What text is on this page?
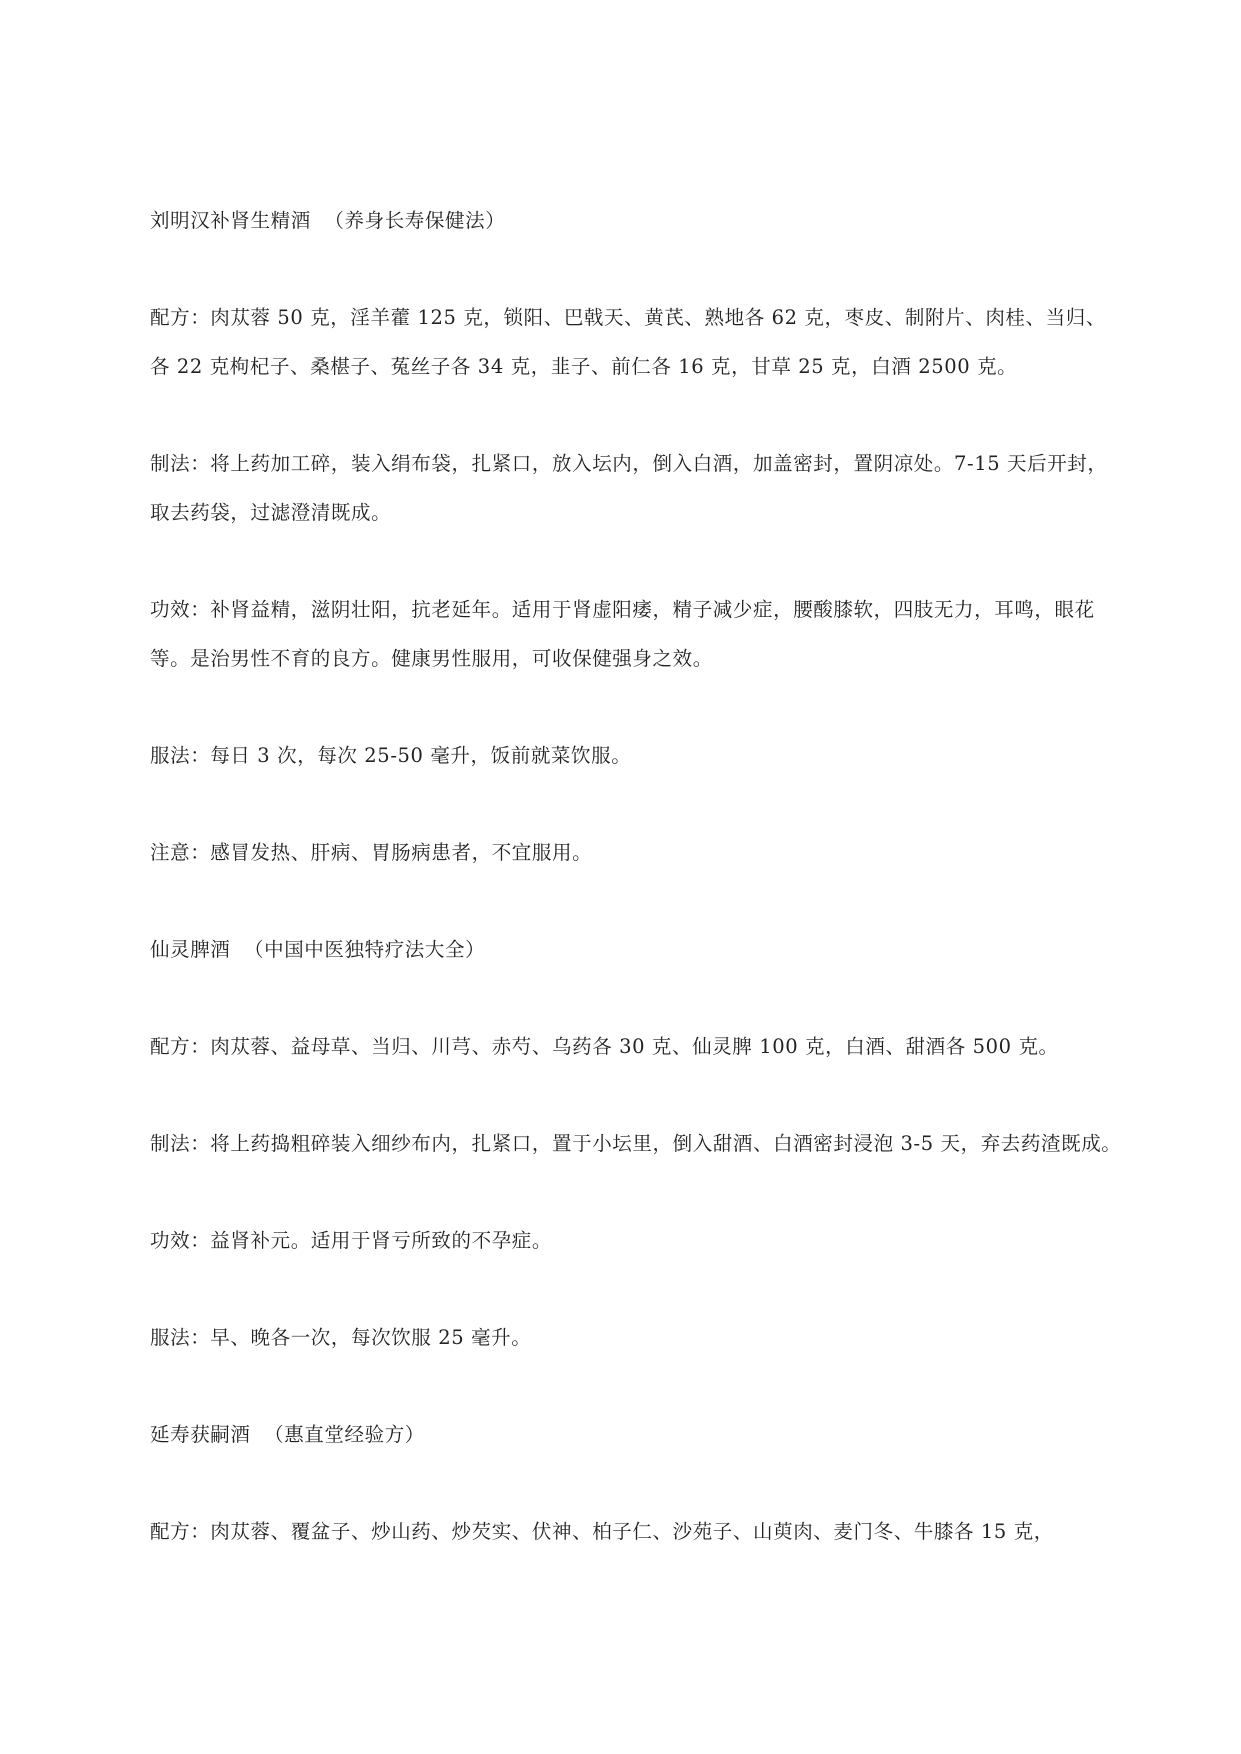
刘明汉补肾生精酒  （养身长寿保健法）

配方：肉苁蓉 50 克，淫羊藿 125 克，锁阳、巴戟天、黄芪、熟地各 62 克，枣皮、制附片、肉桂、当归、各 22 克枸杞子、桑椹子、菟丝子各 34 克，韭子、前仁各 16 克，甘草 25 克，白酒 2500 克。

制法：将上药加工碎，装入绢布袋，扎紧口，放入坛内，倒入白酒，加盖密封，置阴凉处。7-15 天后开封，取去药袋，过滤澄清既成。

功效：补肾益精，滋阴壮阳，抗老延年。适用于肾虚阳痿，精子减少症，腰酸膝软，四肢无力，耳鸣，眼花等。是治男性不育的良方。健康男性服用，可收保健强身之效。

服法：每日 3 次，每次 25-50 毫升，饭前就菜饮服。

注意：感冒发热、肝病、胃肠病患者，不宜服用。

仙灵脾酒  （中国中医独特疗法大全）

配方：肉苁蓉、益母草、当归、川芎、赤芍、乌药各 30 克、仙灵脾 100 克，白酒、甜酒各 500 克。

制法：将上药捣粗碎装入细纱布内，扎紧口，置于小坛里，倒入甜酒、白酒密封浸泡 3-5 天，弃去药渣既成。

功效：益肾补元。适用于肾亏所致的不孕症。

服法：早、晚各一次，每次饮服 25 毫升。

延寿获嗣酒  （惠直堂经验方）

配方：肉苁蓉、覆盆子、炒山药、炒芡实、伏神、柏子仁、沙苑子、山萸肉、麦门冬、牛膝各 15 克，
